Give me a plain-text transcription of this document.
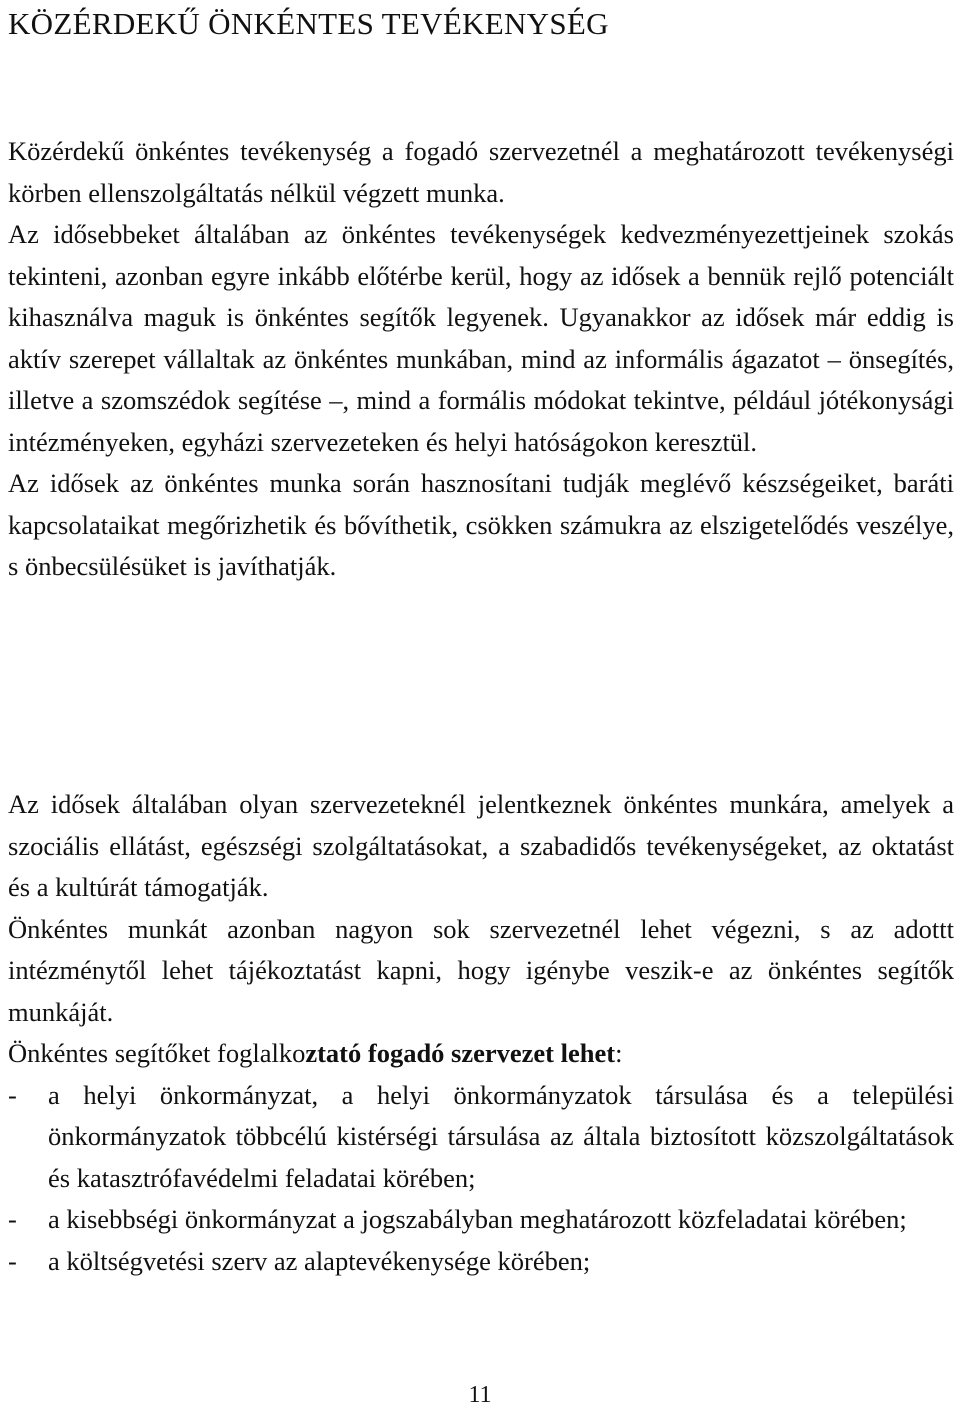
KÖZÉRDEKŰ ÖNKÉNTES TEVÉKENYSÉG

Közérdekű önkéntes tevékenység a fogadó szervezetnél a meghatározott tevékenységi körben ellenszolgáltatás nélkül végzett munka.

Az idősebbeket általában az önkéntes tevékenységek kedvezményezettjeinek szokás tekinteni, azonban egyre inkább előtérbe kerül, hogy az idősek a bennük rejlő potenciált kihasználva maguk is önkéntes segítők legyenek. Ugyanakkor az idősek már eddig is aktív szerepet vállaltak az önkéntes munkában, mind az informális ágazatot – önsegítés, illetve a szomszédok segítése –, mind a formális módokat tekintve, például jótékonysági intézményeken, egyházi szervezeteken és helyi hatóságokon keresztül.

Az idősek az önkéntes munka során hasznosítani tudják meglévő készségeiket, baráti kapcsolataikat megőrizhetik és bővíthetik, csökken számukra az elszigetelődés veszélye, s önbecsülésüket is javíthatják.

Az idősek általában olyan szervezeteknél jelentkeznek önkéntes munkára, amelyek a szociális ellátást, egészségi szolgáltatásokat, a szabadidős tevékenységeket, az oktatást és a kultúrát támogatják.

Önkéntes munkát azonban nagyon sok szervezetnél lehet végezni, s az adottt intézménytől lehet tájékoztatást kapni, hogy igénybe veszik-e az önkéntes segítők munkáját.

Önkéntes segítőket foglalkoztató fogadó szervezet lehet:

- a helyi önkormányzat, a helyi önkormányzatok társulása és a települési önkormányzatok többcélú kistérségi társulása az általa biztosított közszolgáltatások és katasztrófavédelmi feladatai körében;
- a kisebbségi önkormányzat a jogszabályban meghatározott közfeladatai körében;
- a költségvetési szerv az alaptevékenysége körében;
11
